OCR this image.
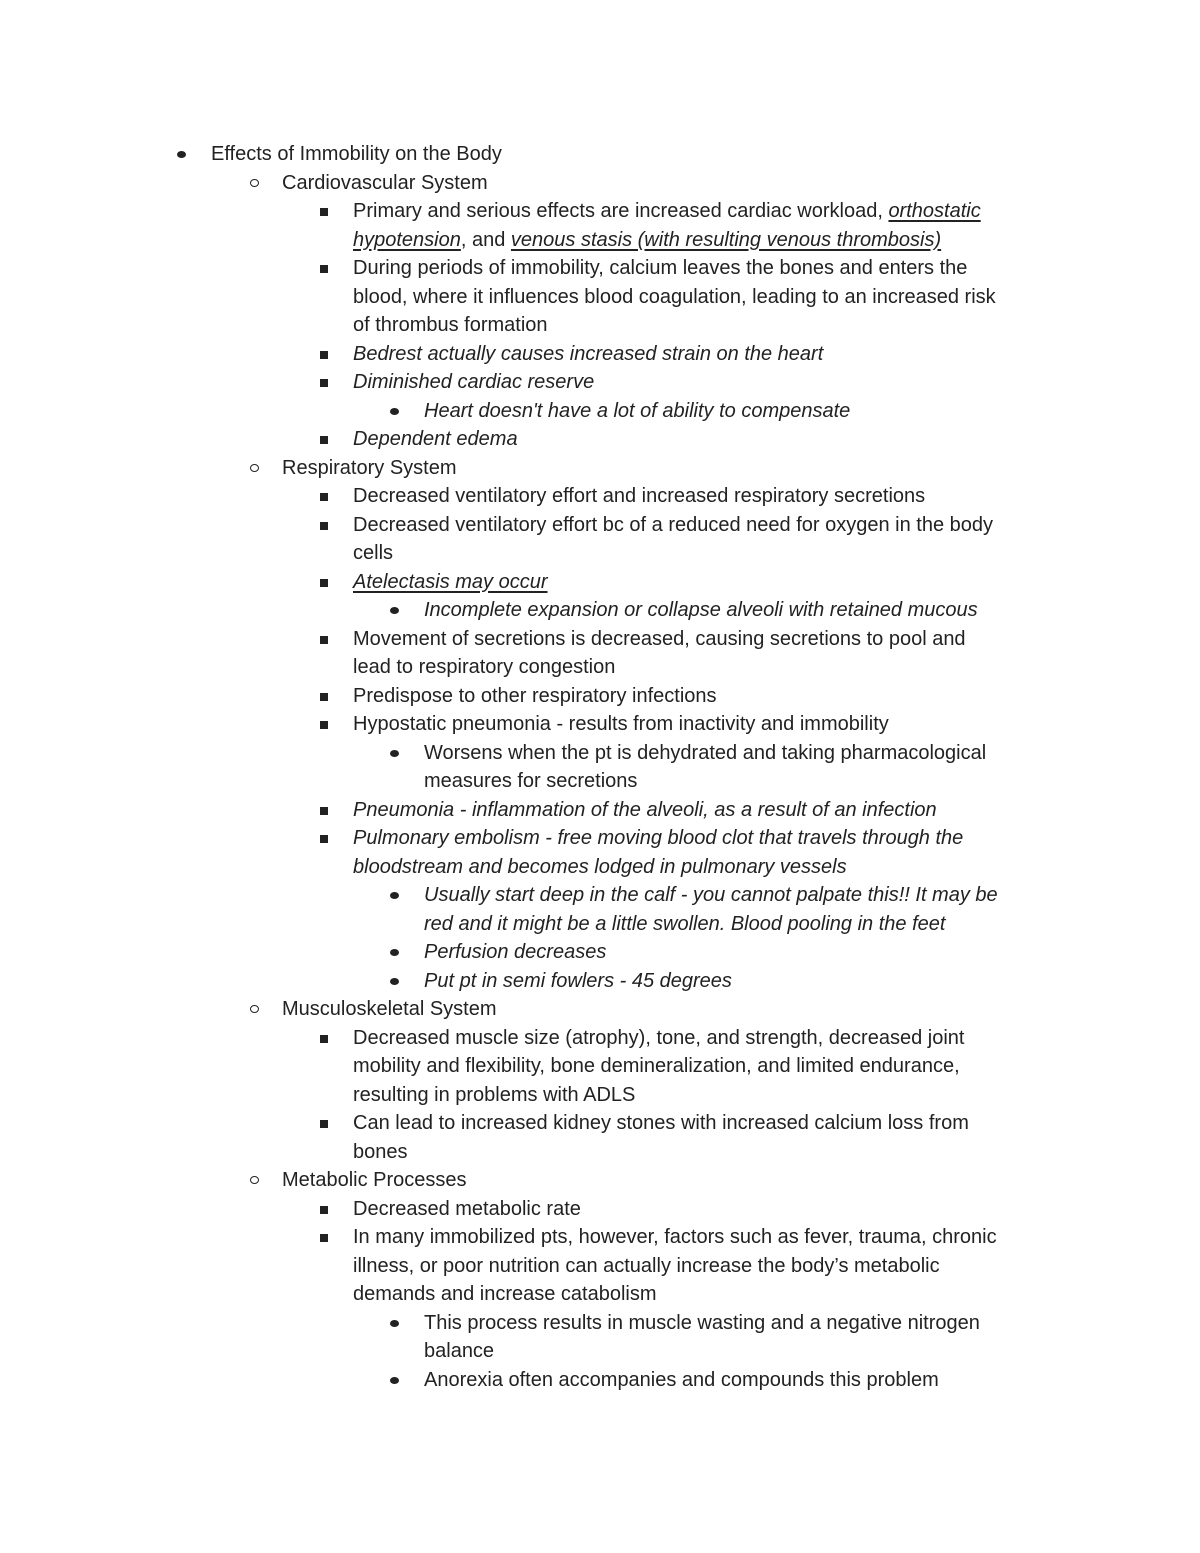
Effects of Immobility on the Body
Cardiovascular System
Primary and serious effects are increased cardiac workload, orthostatic
hypotension, and venous stasis (with resulting venous thrombosis)
During periods of immobility, calcium leaves the bones and enters the
blood, where it influences blood coagulation, leading to an increased risk
of thrombus formation
Bedrest actually causes increased strain on the heart
Diminished cardiac reserve
Heart doesn't have a lot of ability to compensate
Dependent edema
Respiratory System
Decreased ventilatory effort and increased respiratory secretions
Decreased ventilatory effort bc of a reduced need for oxygen in the body
cells
Atelectasis may occur
Incomplete expansion or collapse alveoli with retained mucous
Movement of secretions is decreased, causing secretions to pool and
lead to respiratory congestion
Predispose to other respiratory infections
Hypostatic pneumonia - results from inactivity and immobility
Worsens when the pt is dehydrated and taking pharmacological
measures for secretions
Pneumonia - inflammation of the alveoli, as a result of an infection
Pulmonary embolism - free moving blood clot that travels through the
bloodstream and becomes lodged in pulmonary vessels
Usually start deep in the calf - you cannot palpate this!! It may be
red and it might be a little swollen. Blood pooling in the feet
Perfusion decreases
Put pt in semi fowlers - 45 degrees
Musculoskeletal System
Decreased muscle size (atrophy), tone, and strength, decreased joint
mobility and flexibility, bone demineralization, and limited endurance,
resulting in problems with ADLS
Can lead to increased kidney stones with increased calcium loss from
bones
Metabolic Processes
Decreased metabolic rate
In many immobilized pts, however, factors such as fever, trauma, chronic
illness, or poor nutrition can actually increase the body’s metabolic
demands and increase catabolism
This process results in muscle wasting and a negative nitrogen
balance
Anorexia often accompanies and compounds this problem
